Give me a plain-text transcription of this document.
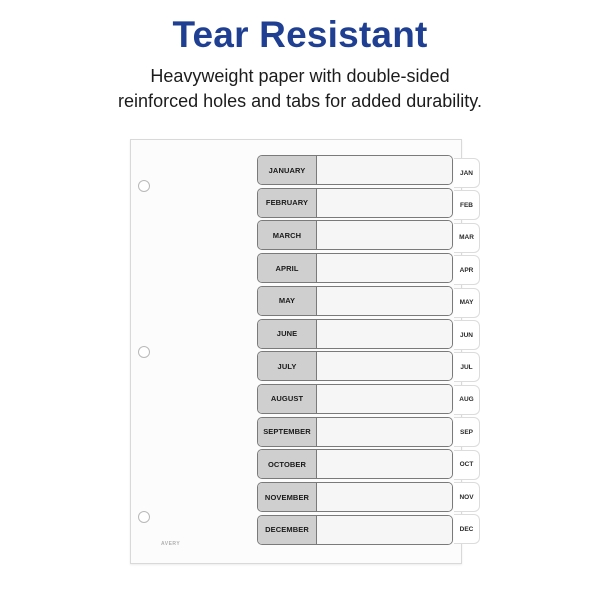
Tear Resistant
Heavyweight paper with double-sided
reinforced holes and tabs for added durability.
JANUARY
FEBRUARY
MARCH
APRIL
MAY
JUNE
JULY
AUGUST
SEPTEMBER
OCTOBER
NOVEMBER
DECEMBER
JAN
FEB
MAR
APR
MAY
JUN
JUL
AUG
SEP
OCT
NOV
DEC
AVERY
